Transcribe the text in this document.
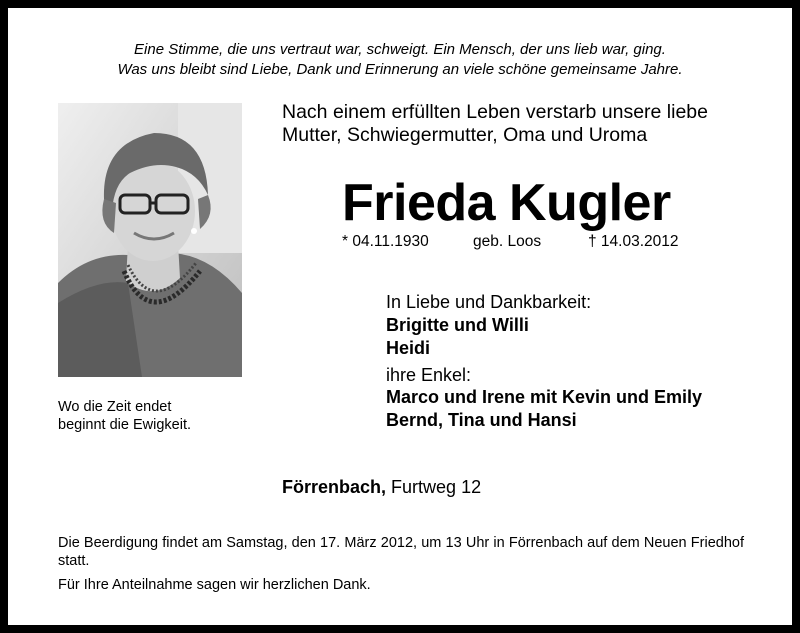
Eine Stimme, die uns vertraut war, schweigt. Ein Mensch, der uns lieb war, ging.
Was uns bleibt sind Liebe, Dank und Erinnerung an viele schöne gemeinsame Jahre.
Wo die Zeit endet
beginnt die Ewigkeit.
Nach einem erfüllten Leben verstarb unsere liebe
Mutter, Schwiegermutter, Oma und Uroma
Frieda Kugler
* 04.11.1930	geb. Loos	† 14.03.2012
In Liebe und Dankbarkeit:
Brigitte und Willi
Heidi
ihre Enkel:
Marco und Irene mit Kevin und Emily
Bernd, Tina und Hansi
Förrenbach, Furtweg 12
Die Beerdigung findet am Samstag, den 17. März 2012, um 13 Uhr in Förrenbach auf dem Neuen Friedhof statt.
Für Ihre Anteilnahme sagen wir herzlichen Dank.
